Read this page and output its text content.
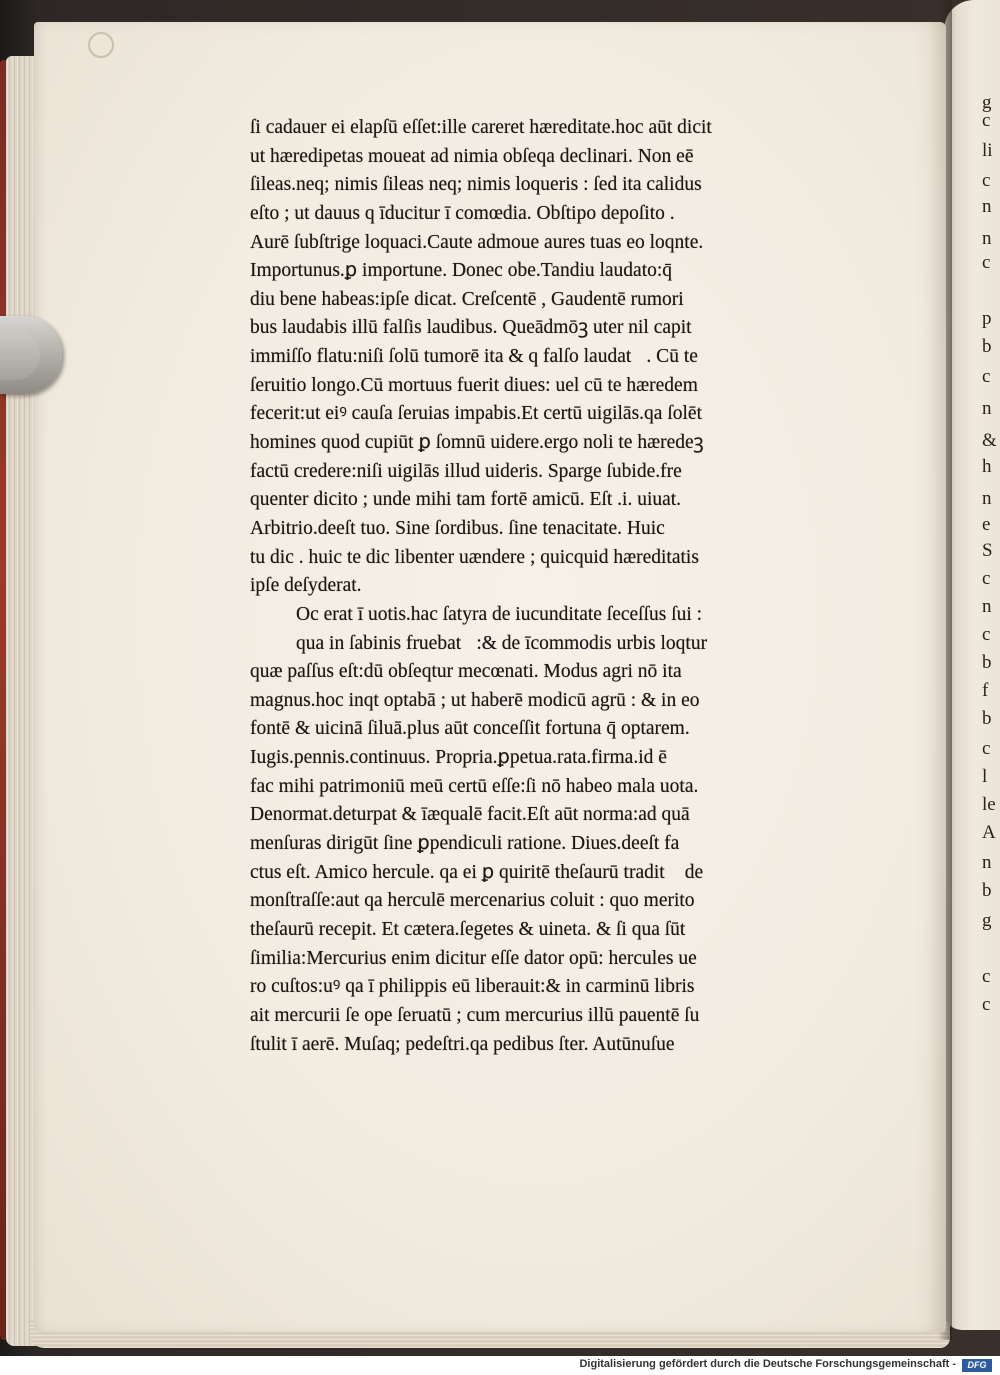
ſi cadauer ei elapſū eſſet:ille careret hæreditate.hoc aūt dicit
ut hæredipetas moueat ad nimia obſeqa declinari. Non eē
ſileas.neq; nimis ſileas neq; nimis loqueris : ſed ita calidus
eſto ; ut dauus q īducitur ī comœdia. Obſtipo depoſito .
Aurē ſubſtrige loquaci.Caute admoue aures tuas eo loqnte.
Importunus.ꝑ importune. Donec obe.Tandiu laudato:q̄
diu bene habeas:ipſe dicat. Creſcentē , Gaudentē rumori
bus laudabis illū falſis laudibus. Queādmōꝫ uter nil capit
immiſſo flatu:niſi ſolū tumorē ita & q falſo laudatᷣ. Cū te
ſeruitio longo.Cū mortuus fuerit diues: uel cū te hæredem
fecerit:ut eiꝰ cauſa ſeruias impabis.Et certū uigilās.qa ſolēt
homines quod cupiūt ꝑ ſomnū uidere.ergo noli te hæredeꝫ
factū credere:niſi uigilās illud uideris. Sparge ſubide.fre
quenter dicito ; unde mihi tam fortē amicū. Eſt .i. uiuat.
Arbitrio.deeſt tuo. Sine ſordibus. ſine tenacitate. Huic
tu dic . huic te dic libenter uændere ; quicquid hæreditatis
ipſe deſyderat.
Oc erat ī uotis.hac ſatyra de iucunditate ſeceſſus ſui :
qua in ſabinis fruebatᷣ:& de īcommodis urbis loqtur
quæ paſſus eſt:dū obſeqtur mecœnati. Modus agri nō ita
magnus.hoc inqt optabā ; ut haberē modicū agrū : & in eo
fontē & uicinā ſiluā.plus aūt conceſſit fortuna q̄ optarem.
Iugis.pennis.continuus. Propria.ꝑpetua.rata.firma.id ē
fac mihi patrimoniū meū certū eſſe:ſi nō habeo mala uota.
Denormat.deturpat & īæqualē facit.Eſt aūt norma:ad quā
menſuras dirigūt ſine ꝑpendiculi ratione. Diues.deeſt fa
ctus eſt. Amico hercule. qa ei ꝑ quiritē theſaurū traditᷣ de
monſtraſſe:aut qa herculē mercenarius coluit : quo merito
theſaurū recepit. Et cætera.ſegetes & uineta. & ſi qua ſūt
ſimilia:Mercurius enim dicitur eſſe dator opū: hercules ue
ro cuſtos:uꝰ qa ī philippis eū liberauit:& in carminū libris
ait mercurii ſe ope ſeruatū ; cum mercurius illū pauentē ſu
ſtulit ī aerē. Muſaq; pedeſtri.qa pedibus ſter. Autūnuſue
g
c
li
c
n
n
c
p
b
c
n
&
h
n
e
S
c
n
c
b
f
b
c
l
le
A
n
b
g
c
c
Digitalisierung gefördert durch die Deutsche Forschungsgemeinschaft -	DFG
